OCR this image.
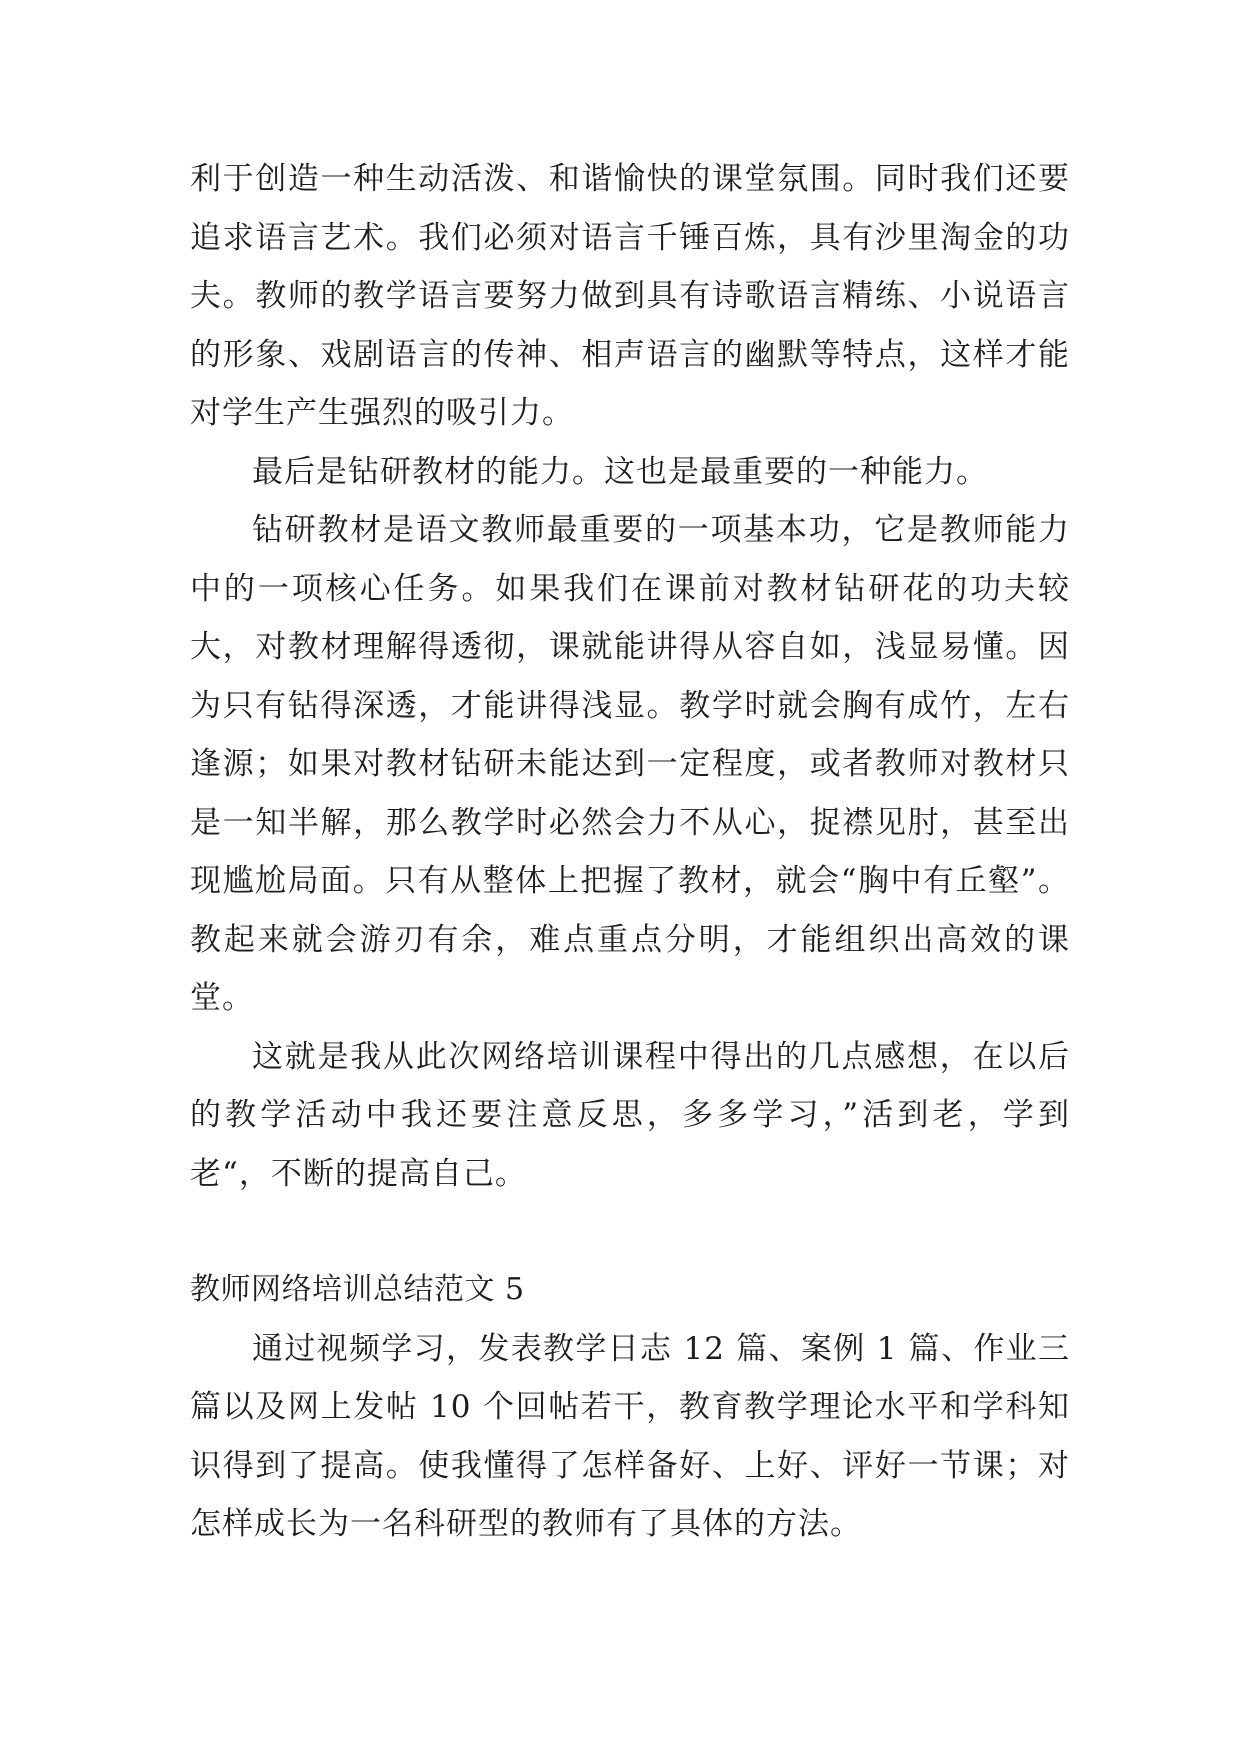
利于创造一种生动活泼、和谐愉快的课堂氛围。同时我们还要追求语言艺术。我们必须对语言千锤百炼，具有沙里淘金的功夫。教师的教学语言要努力做到具有诗歌语言精练、小说语言的形象、戏剧语言的传神、相声语言的幽默等特点，这样才能对学生产生强烈的吸引力。

最后是钻研教材的能力。这也是最重要的一种能力。

钻研教材是语文教师最重要的一项基本功，它是教师能力中的一项核心任务。如果我们在课前对教材钻研花的功夫较大，对教材理解得透彻，课就能讲得从容自如，浅显易懂。因为只有钻得深透，才能讲得浅显。教学时就会胸有成竹，左右逢源；如果对教材钻研未能达到一定程度，或者教师对教材只是一知半解，那么教学时必然会力不从心，捉襟见肘，甚至出现尴尬局面。只有从整体上把握了教材，就会“胸中有丘壑”。教起来就会游刃有余，难点重点分明，才能组织出高效的课堂。

这就是我从此次网络培训课程中得出的几点感想，在以后的教学活动中我还要注意反思，多多学习，”活到老，学到老“，不断的提高自己。

教师网络培训总结范文 5

通过视频学习，发表教学日志 12 篇、案例 1 篇、作业三篇以及网上发帖 10 个回帖若干，教育教学理论水平和学科知识得到了提高。使我懂得了怎样备好、上好、评好一节课；对怎样成长为一名科研型的教师有了具体的方法。
